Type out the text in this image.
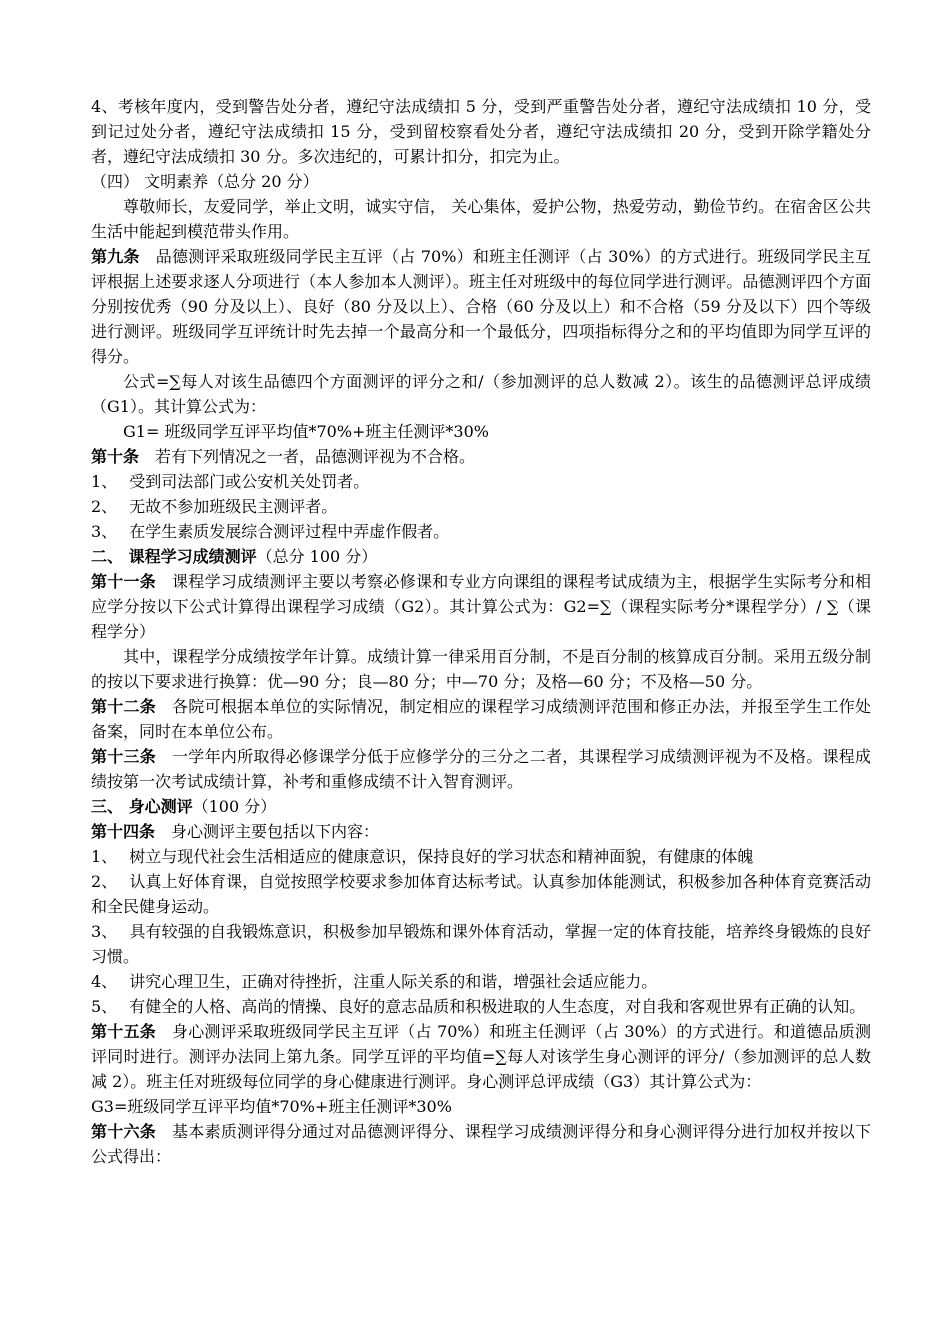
4、考核年度内，受到警告处分者，遵纪守法成绩扣 5 分，受到严重警告处分者，遵纪守法成绩扣 10 分，受到记过处分者，遵纪守法成绩扣 15 分，受到留校察看处分者，遵纪守法成绩扣 20 分，受到开除学籍处分者，遵纪守法成绩扣 30 分。多次违纪的，可累计扣分，扣完为止。

（四） 文明素养（总分 20 分）

尊敬师长，友爱同学，举止文明，诚实守信， 关心集体，爱护公物，热爱劳动，勤俭节约。在宿舍区公共生活中能起到模范带头作用。

第九条 品德测评采取班级同学民主互评（占 70%）和班主任测评（占 30%）的方式进行。班级同学民主互评根据上述要求逐人分项进行（本人参加本人测评）。班主任对班级中的每位同学进行测评。品德测评四个方面分别按优秀（90 分及以上）、良好（80 分及以上）、合格（60 分及以上）和不合格（59 分及以下）四个等级进行测评。班级同学互评统计时先去掉一个最高分和一个最低分，四项指标得分之和的平均值即为同学互评的得分。

公式=∑每人对该生品德四个方面测评的评分之和/（参加测评的总人数减 2）。该生的品德测评总评成绩（G1）。其计算公式为：

G1= 班级同学互评平均值*70%+班主任测评*30%

第十条 若有下列情况之一者，品德测评视为不合格。

1、 受到司法部门或公安机关处罚者。

2、 无故不参加班级民主测评者。

3、 在学生素质发展综合测评过程中弄虚作假者。

二、 课程学习成绩测评（总分 100 分）

第十一条 课程学习成绩测评主要以考察必修课和专业方向课组的课程考试成绩为主，根据学生实际考分和相应学分按以下公式计算得出课程学习成绩（G2）。其计算公式为：G2=∑（课程实际考分*课程学分）/ ∑（课程学分）

其中，课程学分成绩按学年计算。成绩计算一律采用百分制，不是百分制的核算成百分制。采用五级分制的按以下要求进行换算：优—90 分；良—80 分；中—70 分；及格—60 分；不及格—50 分。

第十二条 各院可根据本单位的实际情况，制定相应的课程学习成绩测评范围和修正办法，并报至学生工作处备案，同时在本单位公布。

第十三条 一学年内所取得必修课学分低于应修学分的三分之二者，其课程学习成绩测评视为不及格。课程成绩按第一次考试成绩计算，补考和重修成绩不计入智育测评。

三、 身心测评（100 分）

第十四条 身心测评主要包括以下内容：

1、 树立与现代社会生活相适应的健康意识，保持良好的学习状态和精神面貌，有健康的体魄

2、 认真上好体育课，自觉按照学校要求参加体育达标考试。认真参加体能测试，积极参加各种体育竞赛活动和全民健身运动。

3、 具有较强的自我锻炼意识，积极参加早锻炼和课外体育活动，掌握一定的体育技能，培养终身锻炼的良好习惯。

4、 讲究心理卫生，正确对待挫折，注重人际关系的和谐，增强社会适应能力。

5、 有健全的人格、高尚的情操、良好的意志品质和积极进取的人生态度，对自我和客观世界有正确的认知。

第十五条 身心测评采取班级同学民主互评（占 70%）和班主任测评（占 30%）的方式进行。和道德品质测评同时进行。测评办法同上第九条。同学互评的平均值=∑每人对该学生身心测评的评分/（参加测评的总人数减 2）。班主任对班级每位同学的身心健康进行测评。身心测评总评成绩（G3）其计算公式为：

G3=班级同学互评平均值*70%+班主任测评*30%

第十六条 基本素质测评得分通过对品德测评得分、课程学习成绩测评得分和身心测评得分进行加权并按以下公式得出：
